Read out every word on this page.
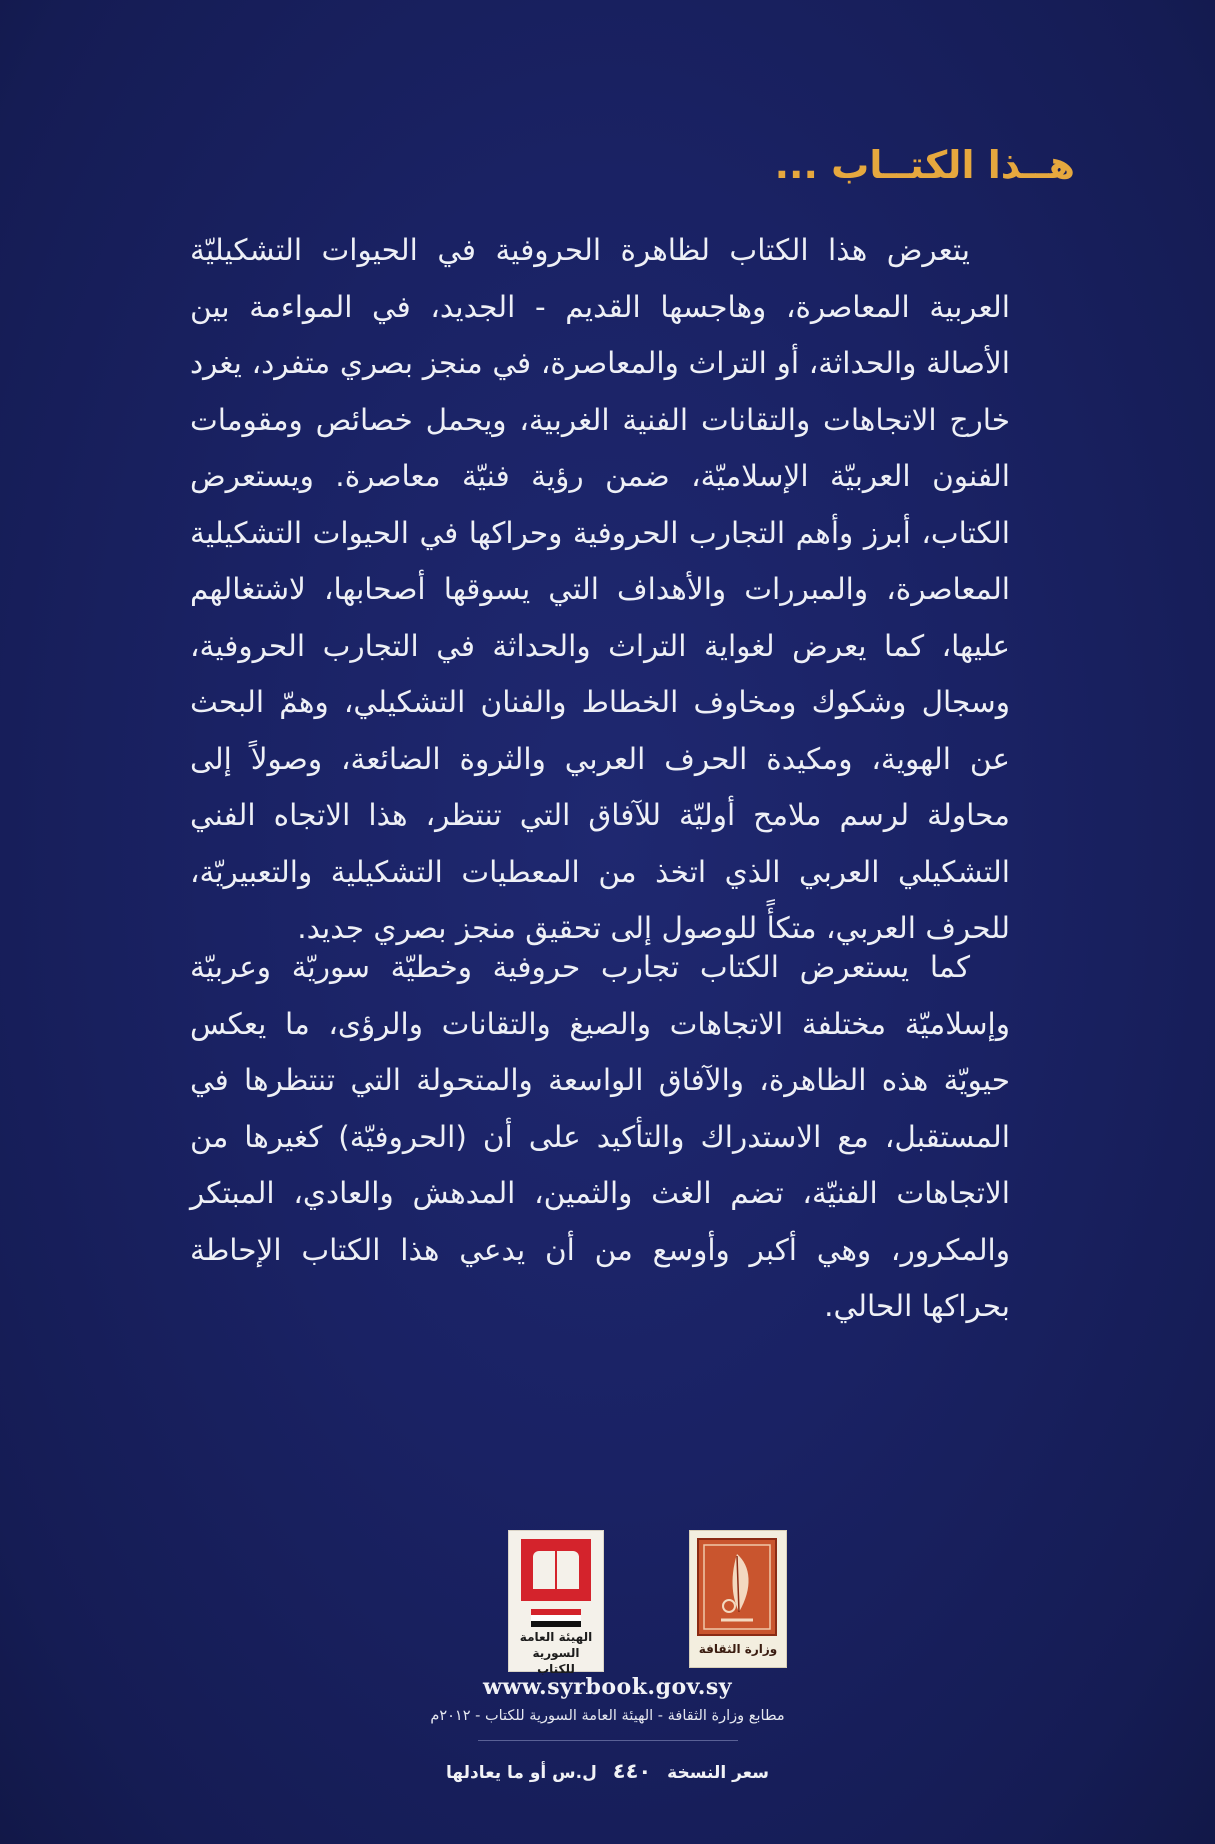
هــذا الكتــاب ...

يتعرض هذا الكتاب لظاهرة الحروفية في الحيوات التشكيليّة العربية المعاصرة، وهاجسها القديم - الجديد، في المواءمة بين الأصالة والحداثة، أو التراث والمعاصرة، في منجز بصري متفرد، يغرد خارج الاتجاهات والتقانات الفنية الغربية، ويحمل خصائص ومقومات الفنون العربيّة الإسلاميّة، ضمن رؤية فنيّة معاصرة. ويستعرض الكتاب، أبرز وأهم التجارب الحروفية وحراكها في الحيوات التشكيلية المعاصرة، والمبررات والأهداف التي يسوقها أصحابها، لاشتغالهم عليها، كما يعرض لغواية التراث والحداثة في التجارب الحروفية، وسجال وشكوك ومخاوف الخطاط والفنان التشكيلي، وهمّ البحث عن الهوية، ومكيدة الحرف العربي والثروة الضائعة، وصولاً إلى محاولة لرسم ملامح أوليّة للآفاق التي تنتظر، هذا الاتجاه الفني التشكيلي العربي الذي اتخذ من المعطيات التشكيلية والتعبيريّة، للحرف العربي، متكأً للوصول إلى تحقيق منجز بصري جديد.

كما يستعرض الكتاب تجارب حروفية وخطيّة سوريّة وعربيّة وإسلاميّة مختلفة الاتجاهات والصيغ والتقانات والرؤى، ما يعكس حيويّة هذه الظاهرة، والآفاق الواسعة والمتحولة التي تنتظرها في المستقبل، مع الاستدراك والتأكيد على أن (الحروفيّة) كغيرها من الاتجاهات الفنيّة، تضم الغث والثمين، المدهش والعادي، المبتكر والمكرور، وهي أكبر وأوسع من أن يدعي هذا الكتاب الإحاطة بحراكها الحالي.

الهيئة العامة السورية للكتاب
وزارة الثقافة
www.syrbook.gov.sy
مطابع وزارة الثقافة - الهيئة العامة السورية للكتاب - ٢٠١٢م
سعر النسخة ٤٤٠ ل.س أو ما يعادلها
